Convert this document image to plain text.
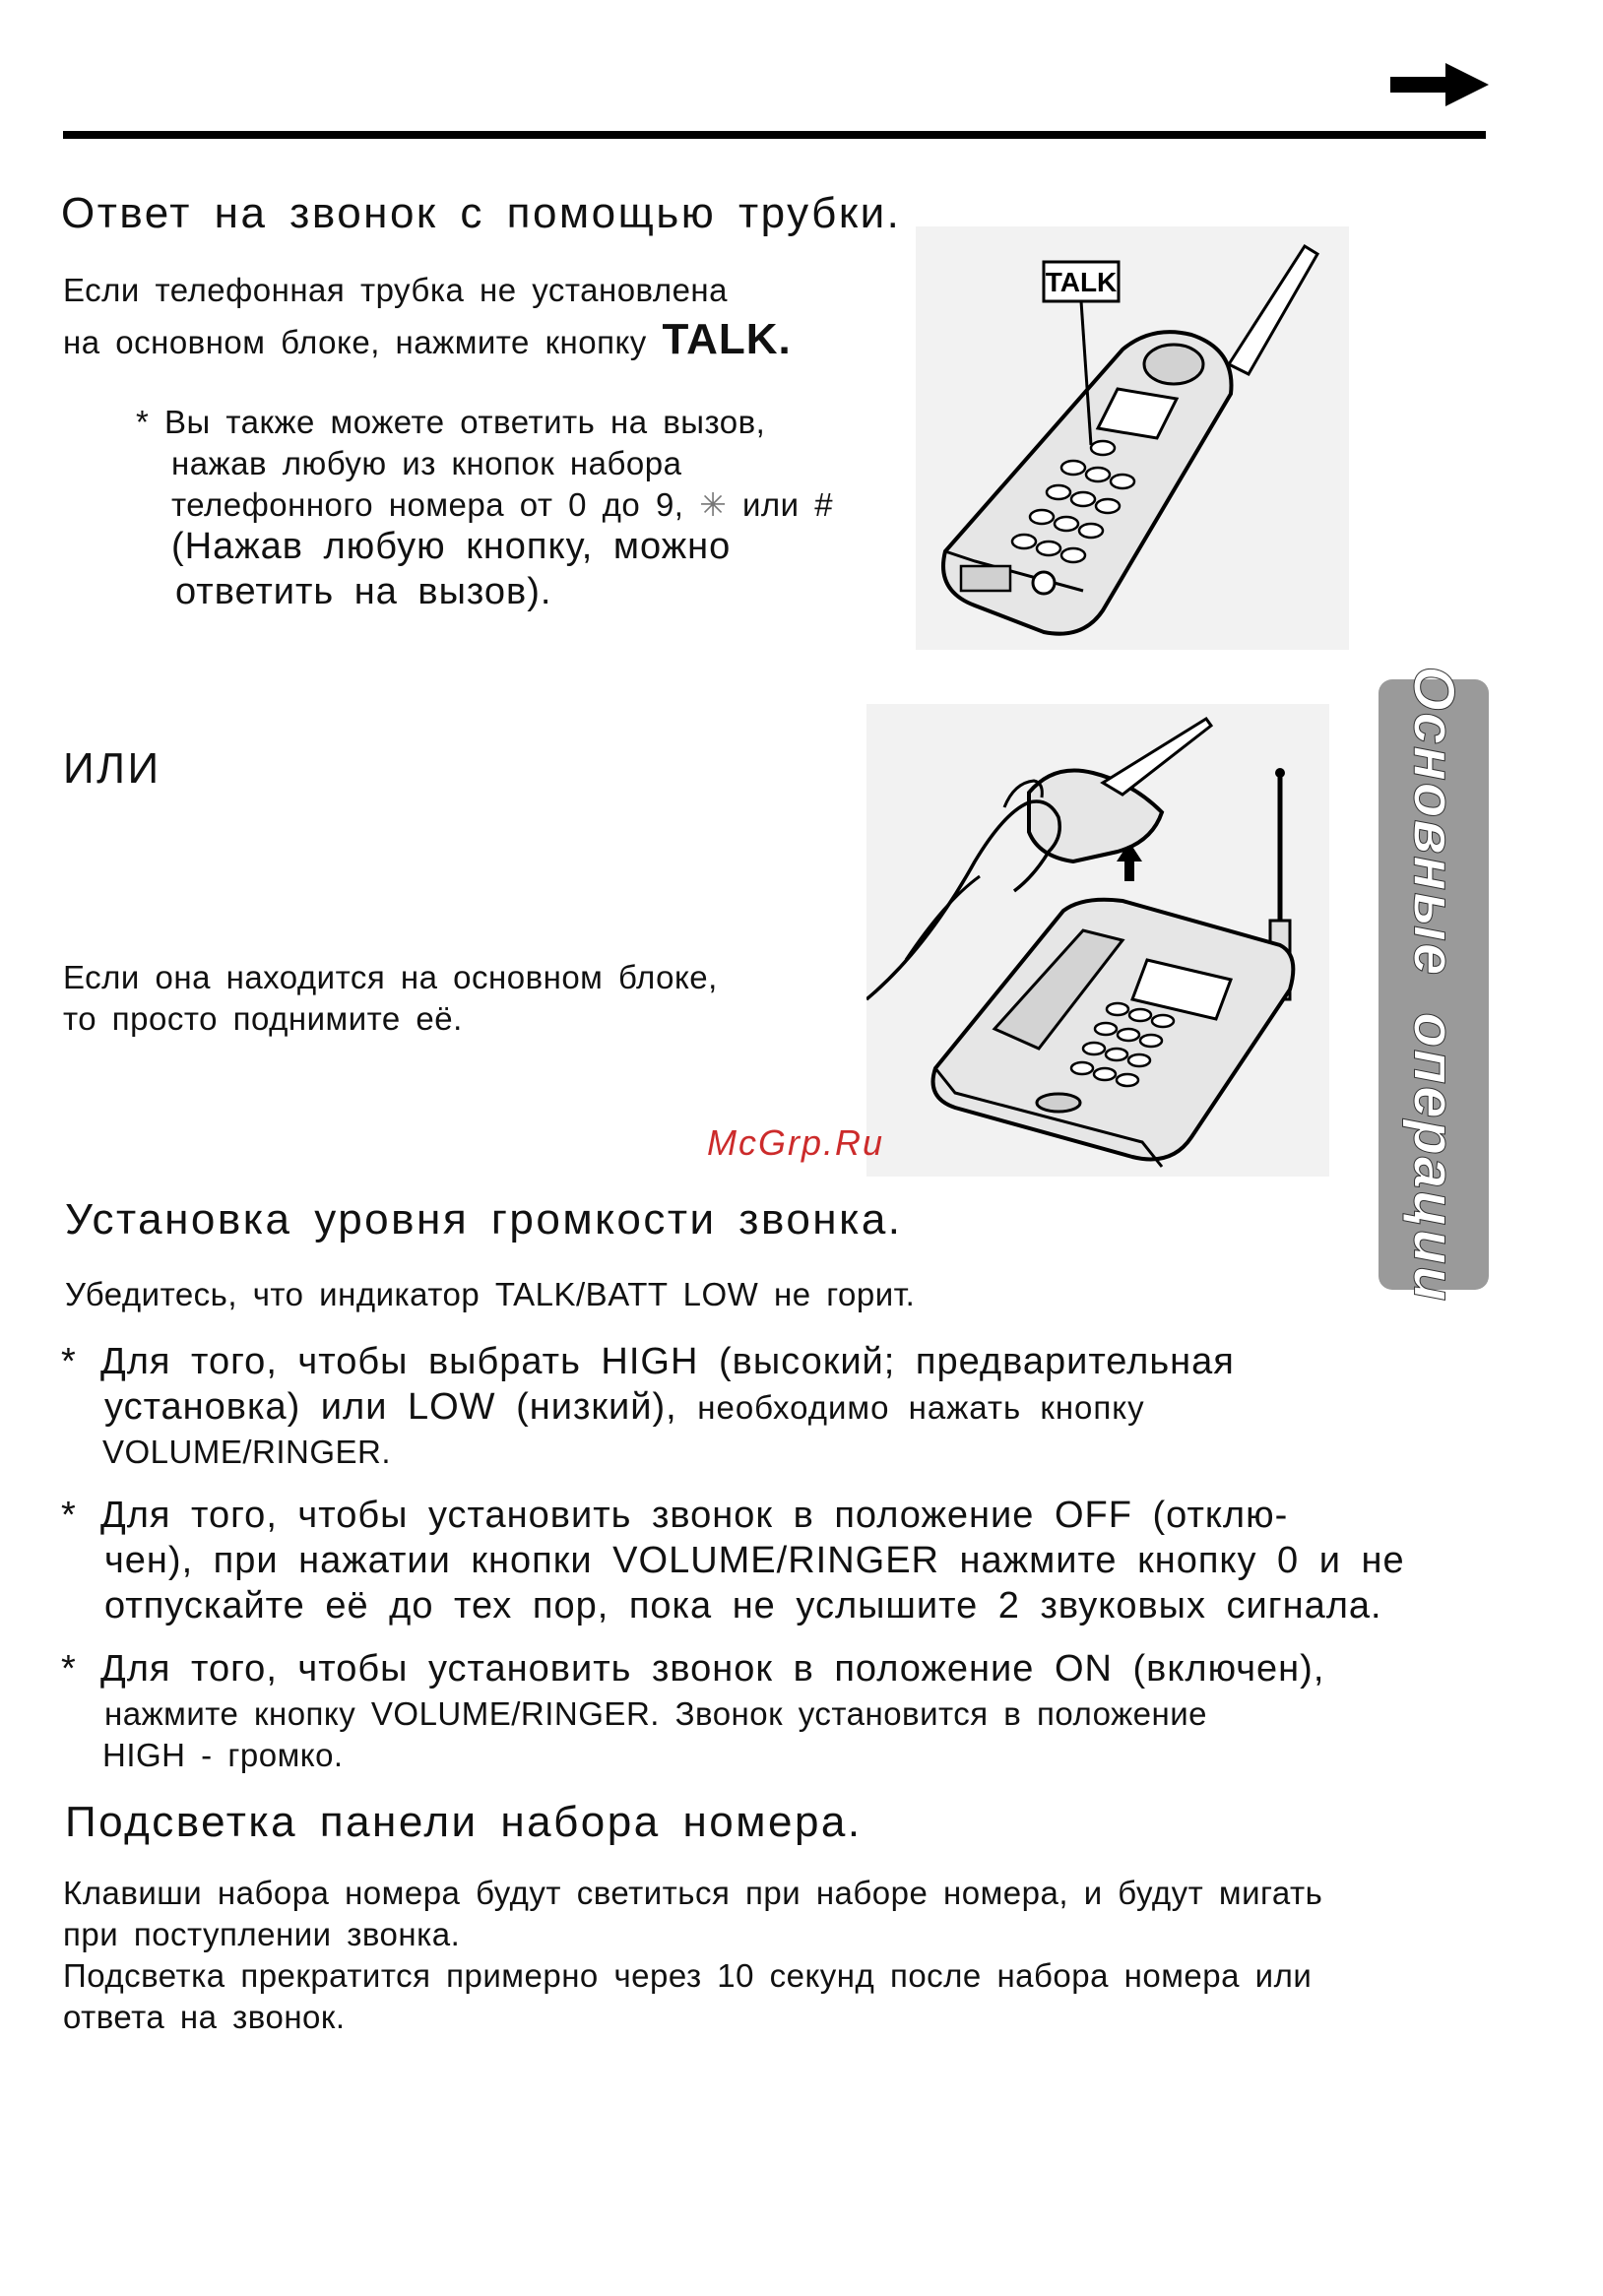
Ответ на звонок с помощью трубки.
Если телефонная трубка не установлена
на основном блоке, нажмите кнопку TALK.
* Вы также можете ответить на вызов,
нажав любую из кнопок набора
телефонного номера от 0 до 9, ✳ или #
(Нажав любую кнопку, можно
ответить на вызов).
TALK
ИЛИ
Если она находится на основном блоке,
то просто поднимите её.
McGrp.Ru	Основные операции
Установка уровня громкости звонка.
Убедитесь, что индикатор TALK/BATT LOW не горит.
* Для того, чтобы выбрать HIGH (высокий; предварительная
установка) или LOW (низкий), необходимо нажать кнопку
VOLUME/RINGER.
* Для того, чтобы установить звонок в положение OFF (отклю-
чен), при нажатии кнопки VOLUME/RINGER нажмите кнопку 0 и не
отпускайте её до тех пор, пока не услышите 2 звуковых сигнала.
* Для того, чтобы установить звонок в положение ON (включен),
нажмите кнопку VOLUME/RINGER. Звонок установится в положение
HIGH - громко.
Подсветка панели набора номера.
Клавиши набора номера будут светиться при наборе номера, и будут мигать
при поступлении звонка.
Подсветка прекратится примерно через 10 секунд после набора номера или
ответа на звонок.
